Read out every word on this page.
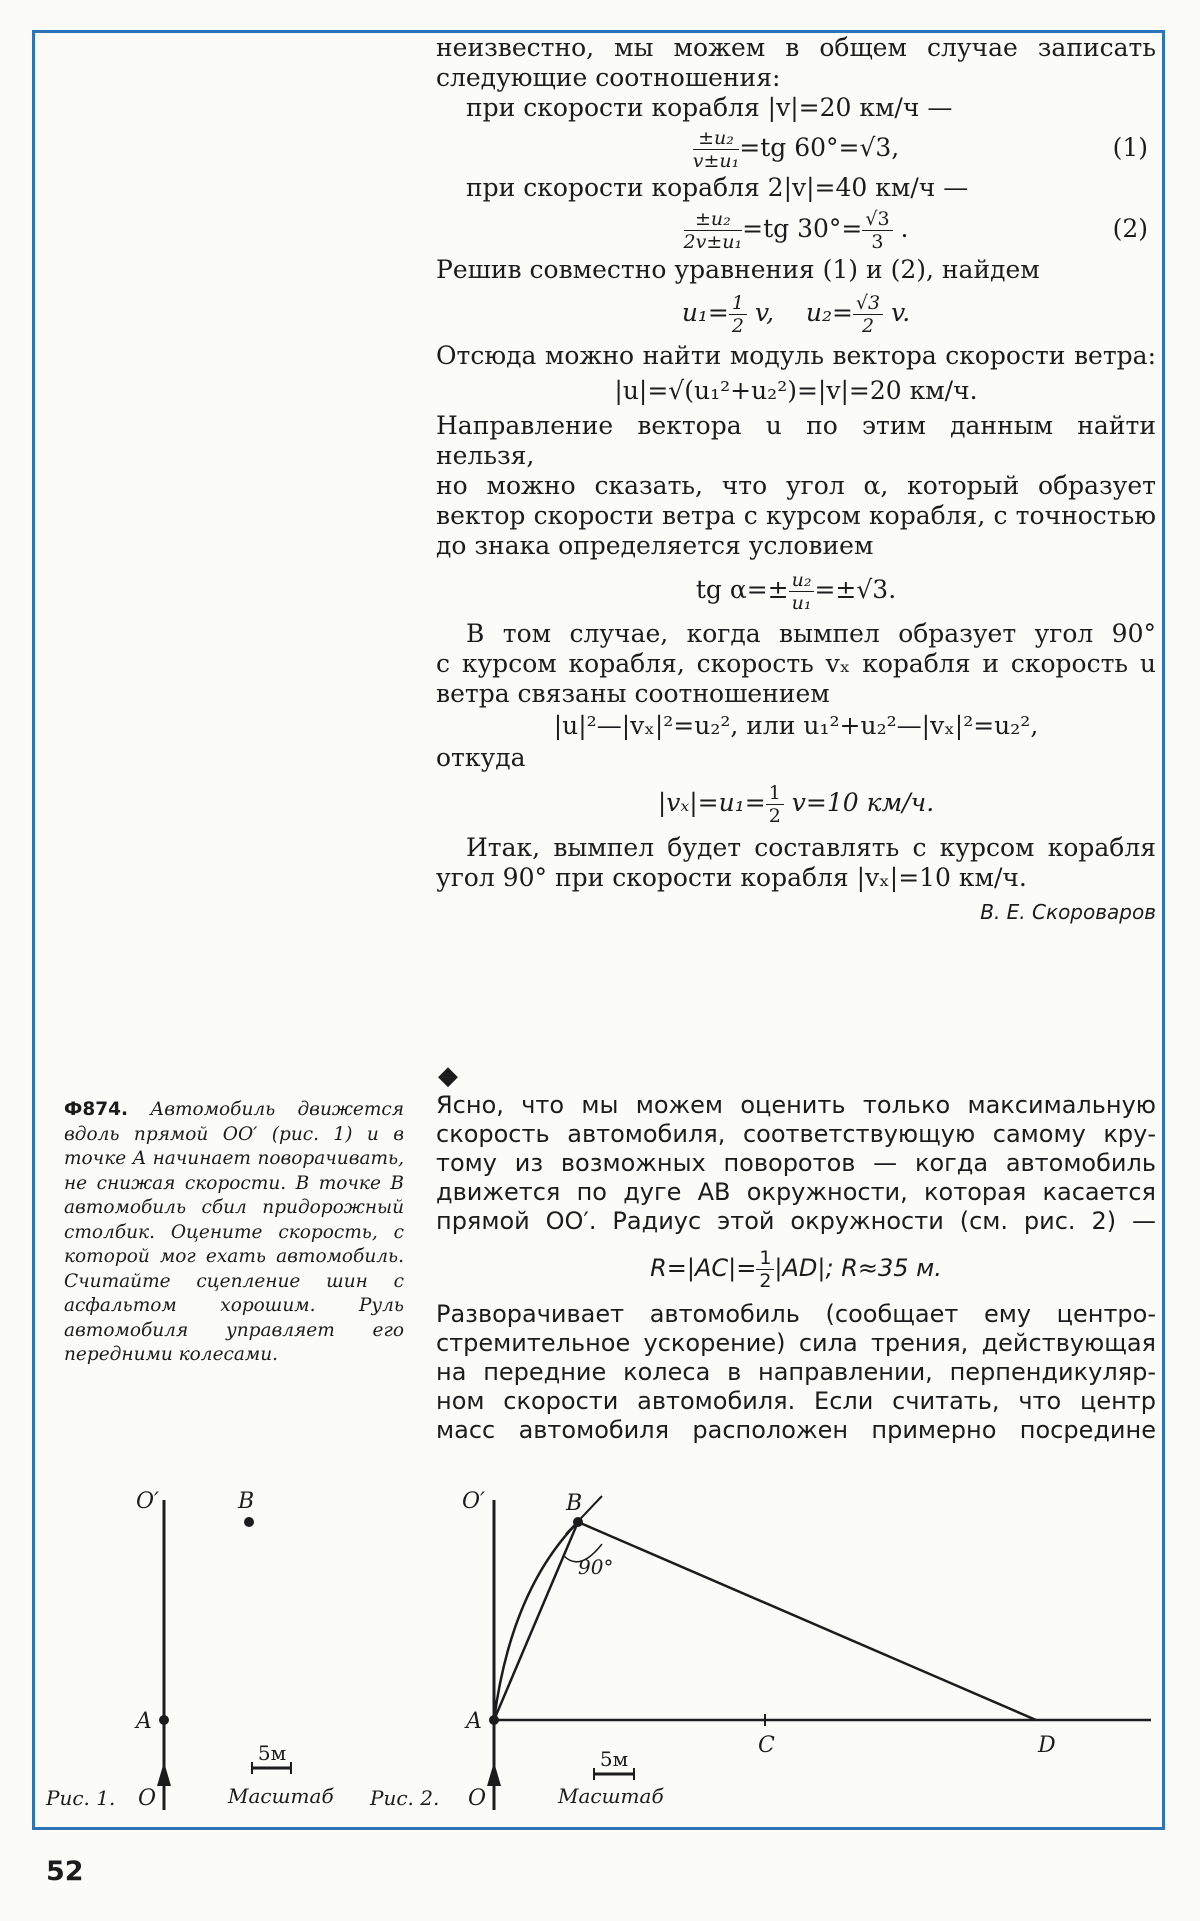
неизвестно, мы можем в общем случае записать

следующие соотношения:

при скорости корабля |v|=20 км/ч —

$\frac{\text{±u₂}}{\text{v±u₁}} =tg$ 60°=√3,	(1)

при скорости корабля 2|v|=40 км/ч —

$\frac{\text{±u₂}}{\text{2v±u₁}} =tg$ $30^\circ= \frac{√3}{3}$ .	(2)

Решив совместно уравнения (1) и (2), найдем

$u_1= \frac{1}{2} v$, $u_2= \frac{√3}{2} v$.

Отсюда можно найти модуль вектора скорости ветра:

|u|=√(u₁²+u₂²)=|v|=20 км/ч.

Направление вектора u по этим данным найти нельзя,

но можно сказать, что угол α, который образует

вектор скорости ветра с курсом корабля, с точностью

до знака определяется условием

tg $\alpha=\pm \frac{\text{u₂}}{\text{u₁}} =\pm√3$.

В том случае, когда вымпел образует угол 90°

с курсом корабля, скорость vₓ корабля и скорость u

ветра связаны соотношением

|u|²—|vₓ|²=u₂², или u₁²+u₂²—|vₓ|²=u₂²,

откуда

$|v_x|=u_1= \frac{1}{2} v=10$ км/ч.

Итак, вымпел будет составлять с курсом корабля

угол 90° при скорости корабля |vₓ|=10 км/ч.

В. Е. Скороваров
Ф874. Автомобиль движется вдоль прямой OO′ (рис. 1) и в точке A начинает поворачивать, не снижая скорости. В точке B автомобиль сбил придорожный столбик. Оцените скорость, с которой мог ехать автомобиль. Считайте сцепление шин с асфальтом хорошим. Руль автомобиля управляет его передними колесами.
◆

Ясно, что мы можем оценить только максимальную

скорость автомобиля, соответствующую самому кру-

тому из возможных поворотов — когда автомобиль

движется по дуге AB окружности, которая касается

прямой OO′. Радиус этой окружности (см. рис. 2) —

$R=|AC|= \frac{1}{2} |AD|$; R≈35 м.

Разворачивает автомобиль (сообщает ему центро-

стремительное ускорение) сила трения, действующая

на передние колеса в направлении, перпендикуляр-

ном скорости автомобиля. Если считать, что центр

масс автомобиля расположен примерно посредине

O′	B
A
O
Рис. 1.
5м
Масштаб
O′	B
A
C	D
90°
O
Рис. 2.
5м
Масштаб
52
